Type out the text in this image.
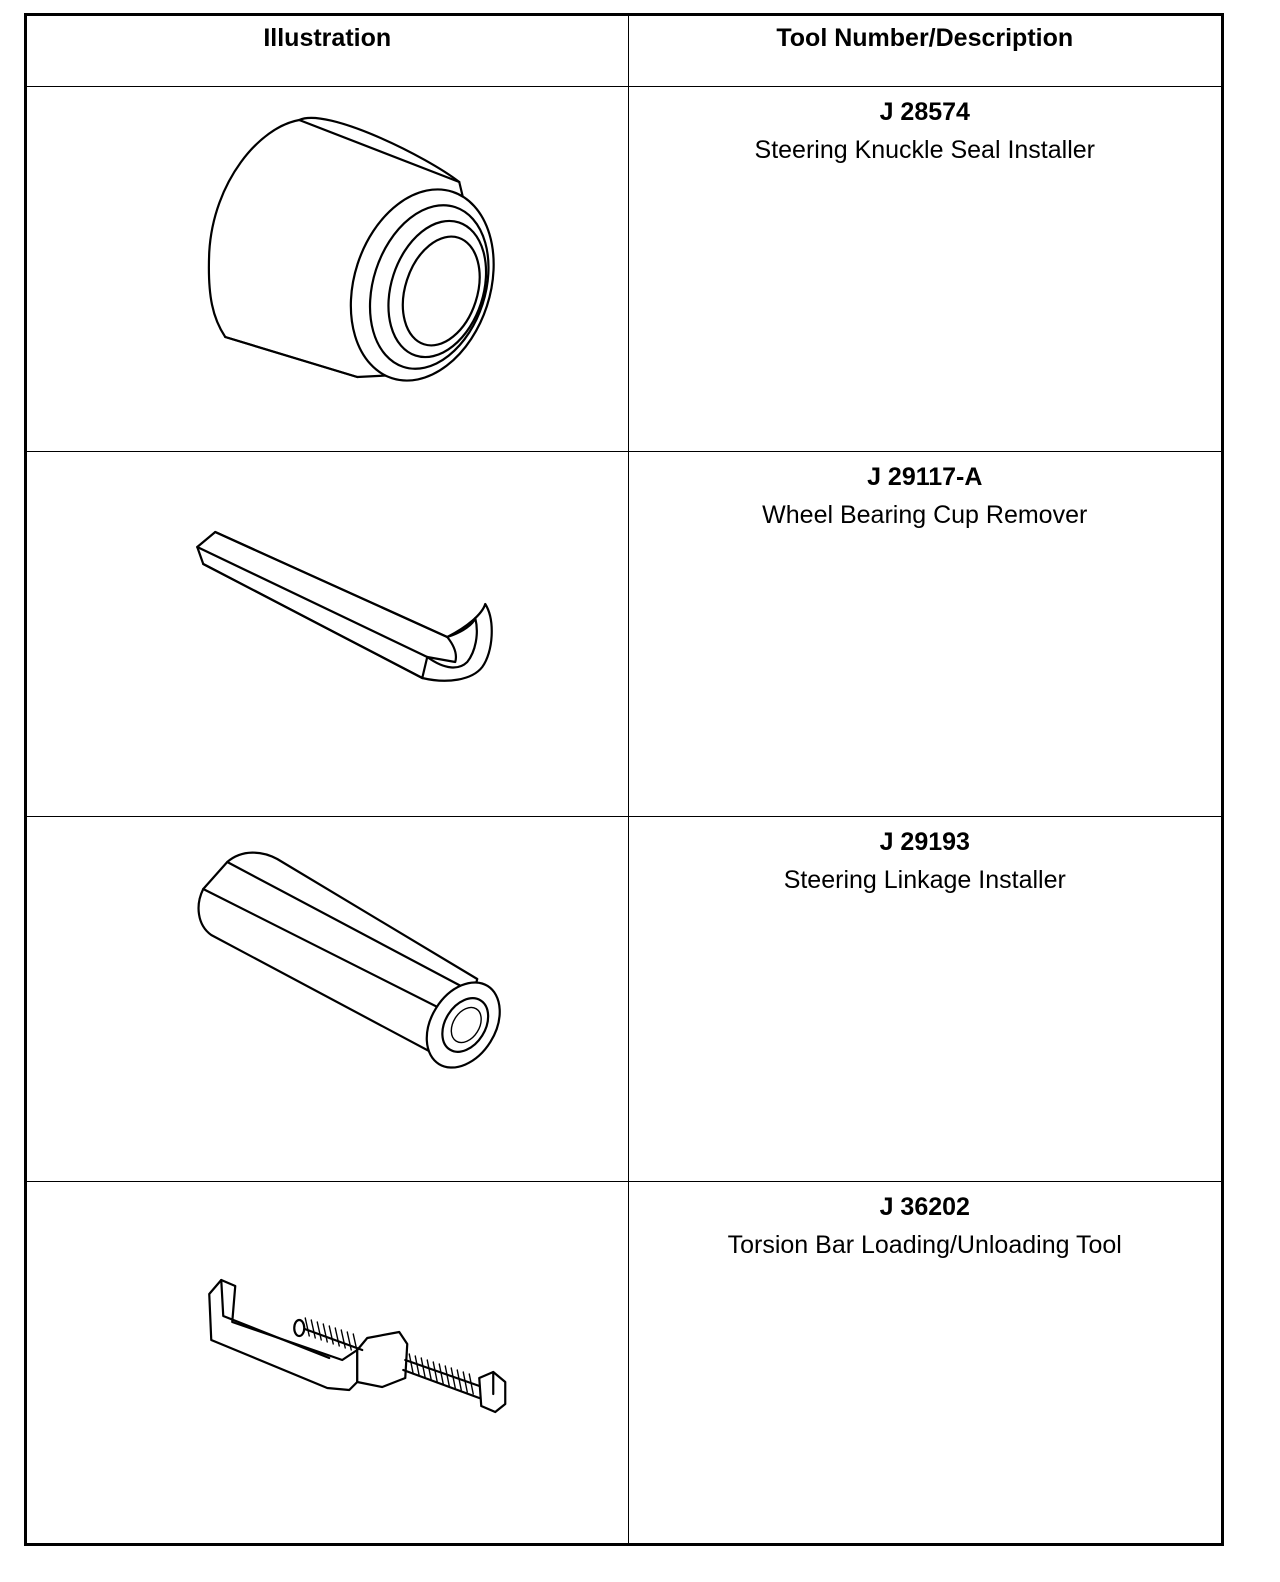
Illustration	Tool Number/Description

J 28574
Steering Knuckle Seal Installer

J 29117-A
Wheel Bearing Cup Remover

J 29193
Steering Linkage Installer

J 36202
Torsion Bar Loading/Unloading Tool
